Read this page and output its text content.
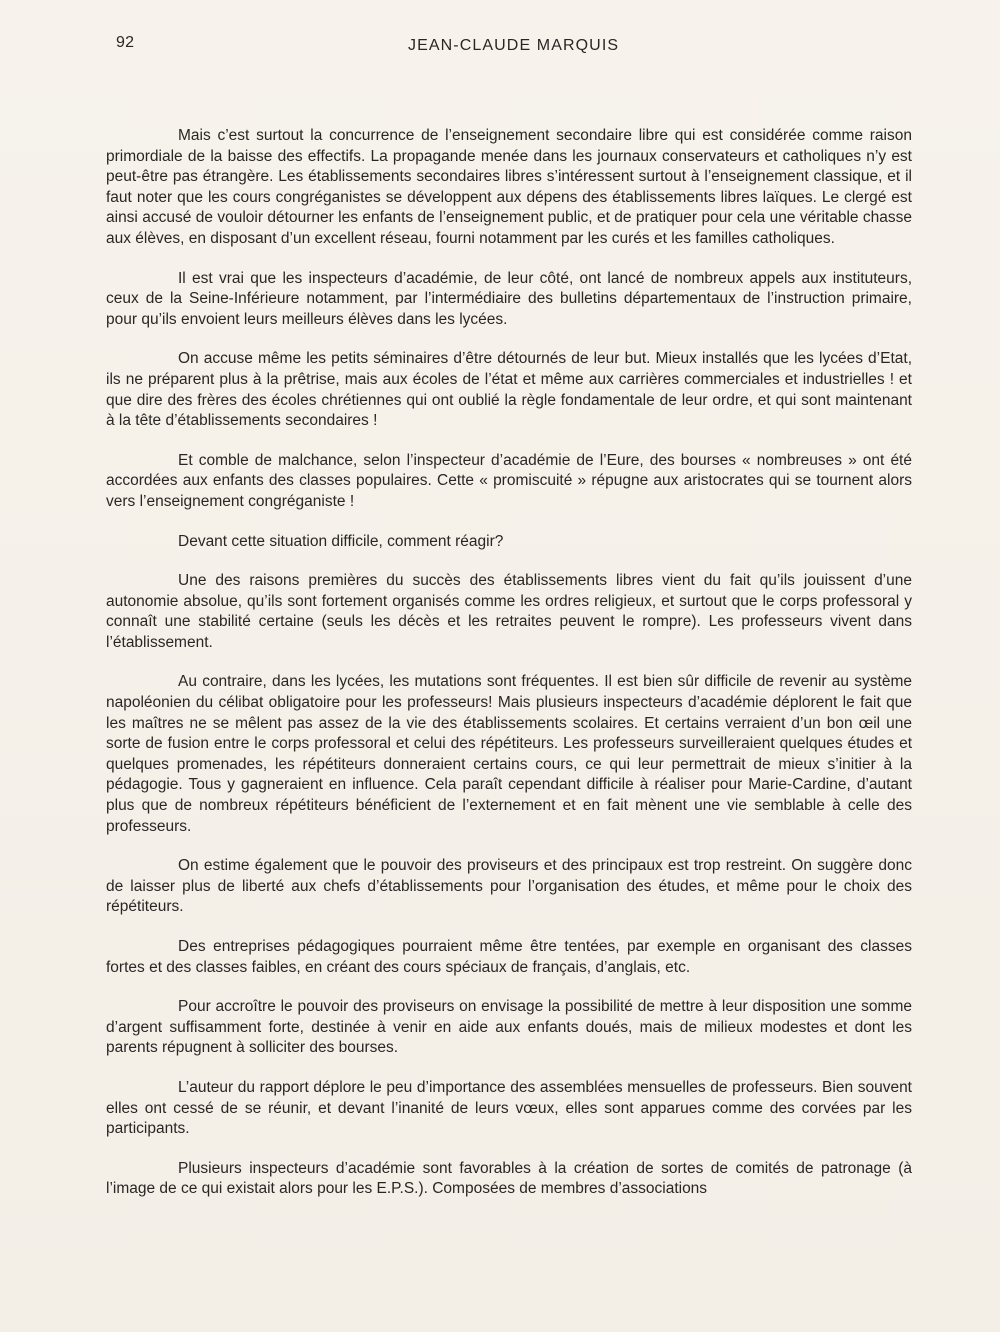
92	JEAN-CLAUDE MARQUIS

Mais c’est surtout la concurrence de l’enseignement secondaire libre qui est considérée comme raison primordiale de la baisse des effectifs. La propagande menée dans les journaux conservateurs et catholiques n’y est peut-être pas étrangère. Les établissements secondaires libres s’intéressent surtout à l’enseignement classique, et il faut noter que les cours congréganistes se développent aux dépens des établissements libres laïques. Le clergé est ainsi accusé de vouloir détourner les enfants de l’enseignement public, et de pratiquer pour cela une véritable chasse aux élèves, en disposant d’un excellent réseau, fourni notamment par les curés et les familles catholiques.

Il est vrai que les inspecteurs d’académie, de leur côté, ont lancé de nombreux appels aux instituteurs, ceux de la Seine-Inférieure notamment, par l’intermédiaire des bulletins départementaux de l’instruction primaire, pour qu’ils envoient leurs meilleurs élèves dans les lycées.

On accuse même les petits séminaires d’être détournés de leur but. Mieux installés que les lycées d’Etat, ils ne préparent plus à la prêtrise, mais aux écoles de l’état et même aux carrières commerciales et industrielles ! et que dire des frères des écoles chrétiennes qui ont oublié la règle fondamentale de leur ordre, et qui sont maintenant à la tête d’établissements secondaires !

Et comble de malchance, selon l’inspecteur d’académie de l’Eure, des bourses « nombreuses » ont été accordées aux enfants des classes populaires. Cette « promiscuité » répugne aux aristocrates qui se tournent alors vers l’enseignement congréganiste !

Devant cette situation difficile, comment réagir?

Une des raisons premières du succès des établissements libres vient du fait qu’ils jouissent d’une autonomie absolue, qu’ils sont fortement organisés comme les ordres religieux, et surtout que le corps professoral y connaît une stabilité certaine (seuls les décès et les retraites peuvent le rompre). Les professeurs vivent dans l’établissement.

Au contraire, dans les lycées, les mutations sont fréquentes. Il est bien sûr difficile de revenir au système napoléonien du célibat obligatoire pour les professeurs! Mais plusieurs inspecteurs d’académie déplorent le fait que les maîtres ne se mêlent pas assez de la vie des établissements scolaires. Et certains verraient d’un bon œil une sorte de fusion entre le corps professoral et celui des répétiteurs. Les professeurs surveilleraient quelques études et quelques promenades, les répétiteurs donneraient certains cours, ce qui leur permettrait de mieux s’initier à la pédagogie. Tous y gagneraient en influence. Cela paraît cependant difficile à réaliser pour Marie-Cardine, d’autant plus que de nombreux répétiteurs bénéficient de l’externement et en fait mènent une vie semblable à celle des professeurs.

On estime également que le pouvoir des proviseurs et des principaux est trop restreint. On suggère donc de laisser plus de liberté aux chefs d’établissements pour l’organisation des études, et même pour le choix des répétiteurs.

Des entreprises pédagogiques pourraient même être tentées, par exemple en organisant des classes fortes et des classes faibles, en créant des cours spéciaux de français, d’anglais, etc.

Pour accroître le pouvoir des proviseurs on envisage la possibilité de mettre à leur disposition une somme d’argent suffisamment forte, destinée à venir en aide aux enfants doués, mais de milieux modestes et dont les parents répugnent à solliciter des bourses.

L’auteur du rapport déplore le peu d’importance des assemblées mensuelles de professeurs. Bien souvent elles ont cessé de se réunir, et devant l’inanité de leurs vœux, elles sont apparues comme des corvées par les participants.

Plusieurs inspecteurs d’académie sont favorables à la création de sortes de comités de patronage (à l’image de ce qui existait alors pour les E.P.S.). Composées de membres d’associations
